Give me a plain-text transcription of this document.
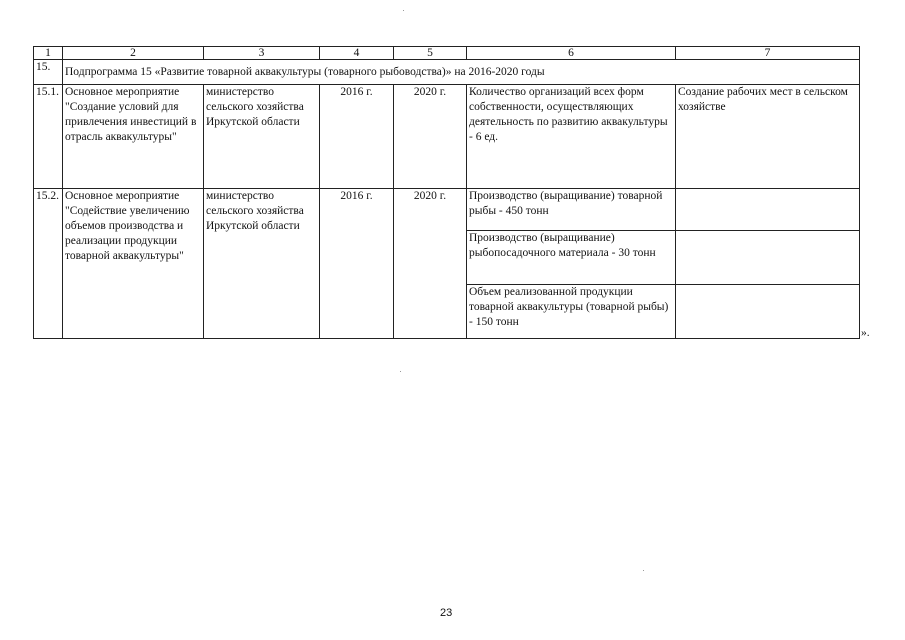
1	2	3	4	5	6	7
15.	Подпрограмма 15 «Развитие товарной аквакультуры (товарного рыбоводства)» на 2016-2020 годы					
15.1.	Основное мероприятие "Создание условий для привлечения инвестиций в отрасль аквакультуры"	министерство сельского хозяйства Иркутской области	2016 г.	2020 г.	Количество организаций всех форм собственности, осуществляющих деятельность по развитию аквакультуры - 6 ед.	Создание рабочих мест в сельском хозяйстве
15.2.	Основное мероприятие "Содействие увеличению объемов производства и реализации продукции товарной аквакультуры"	министерство сельского хозяйства Иркутской области	2016 г.	2020 г.	Производство (выращивание) товарной рыбы - 450 тонн	
					Производство (выращивание) рыбопосадочного материала - 30 тонн	
					Объем реализованной продукции товарной аквакультуры (товарной рыбы) - 150 тонн	
».
23
